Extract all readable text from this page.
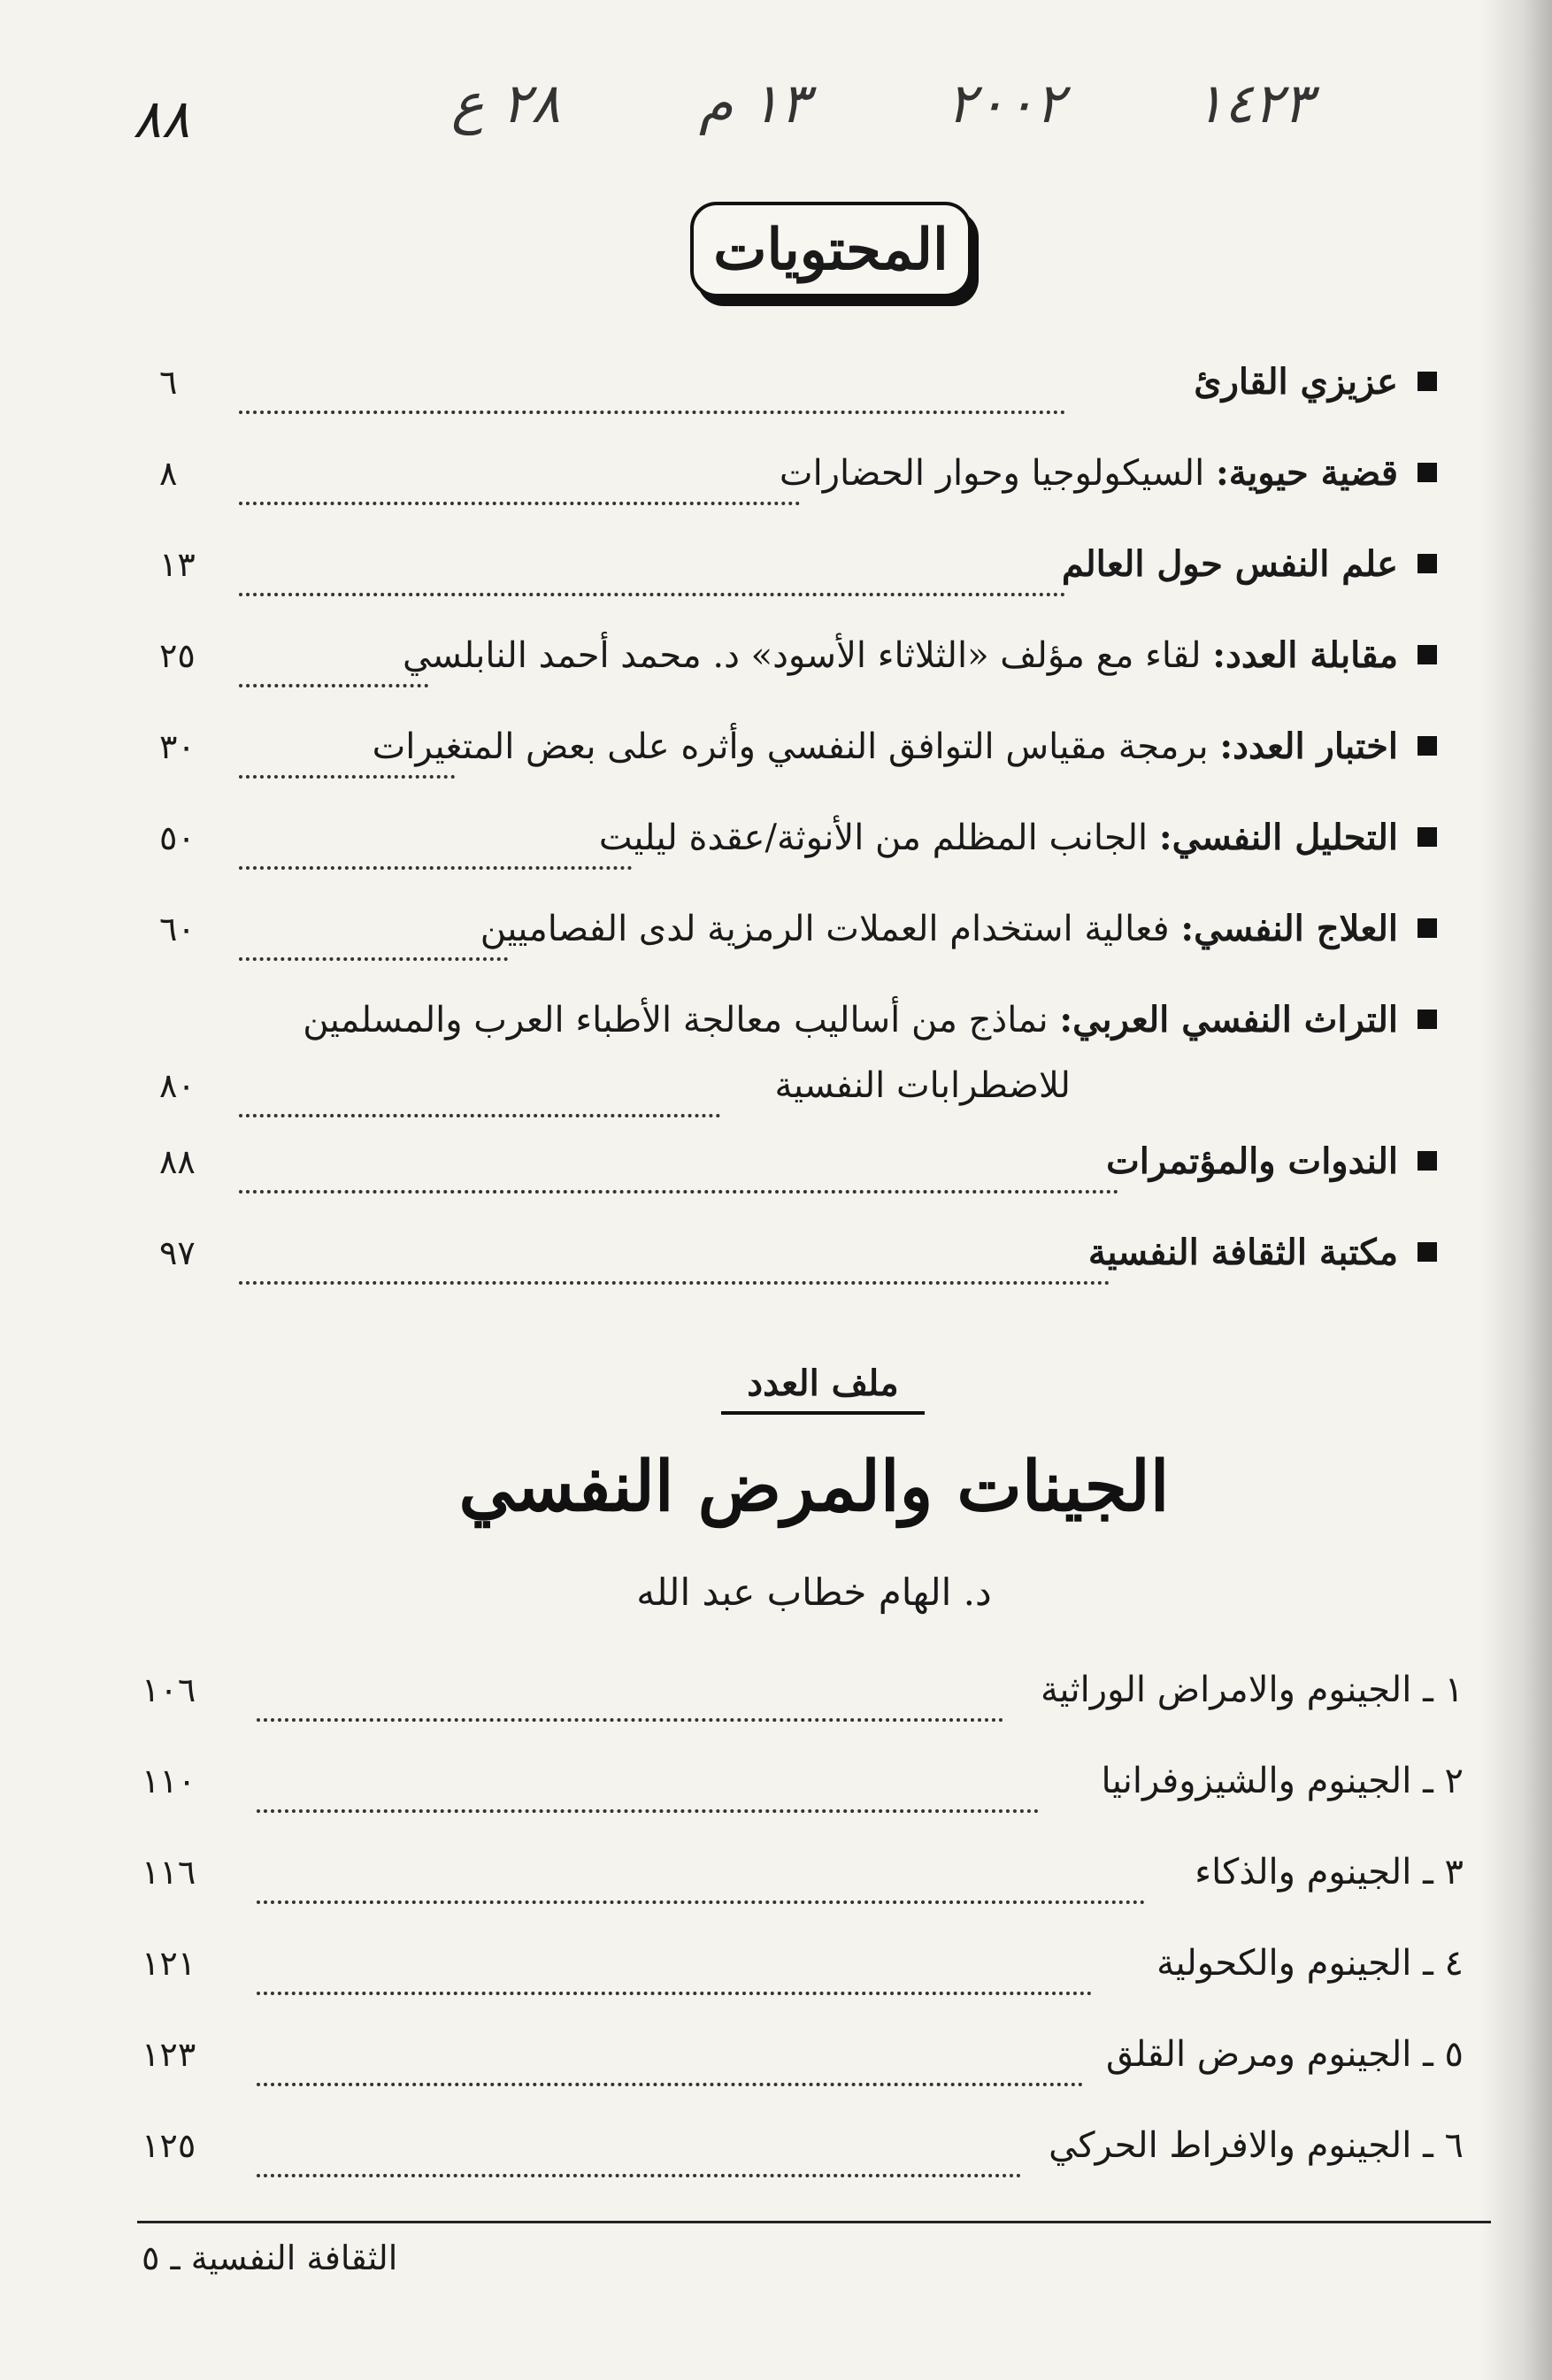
٨٨	٢٨ ع	١٣ م	٢٠٠٢ ١٤٢٣
المحتويات
عزيزي القارئ
٦
قضية حيوية: السيكولوجيا وحوار الحضارات
٨
علم النفس حول العالم
١٣
مقابلة العدد: لقاء مع مؤلف «الثلاثاء الأسود» د. محمد أحمد النابلسي
٢٥
اختبار العدد: برمجة مقياس التوافق النفسي وأثره على بعض المتغيرات
٣٠
التحليل النفسي: الجانب المظلم من الأنوثة/عقدة ليليت
٥٠
العلاج النفسي: فعالية استخدام العملات الرمزية لدى الفصاميين
٦٠
التراث النفسي العربي: نماذج من أساليب معالجة الأطباء العرب والمسلمين
للاضطرابات النفسية
٨٠
الندوات والمؤتمرات
٨٨
مكتبة الثقافة النفسية
٩٧
ملف العدد
الجينات والمرض النفسي
د. الهام خطاب عبد الله
١ ـ الجينوم والامراض الوراثية
١٠٦
٢ ـ الجينوم والشيزوفرانيا
١١٠
٣ ـ الجينوم والذكاء
١١٦
٤ ـ الجينوم والكحولية
١٢١
٥ ـ الجينوم ومرض القلق
١٢٣
٦ ـ الجينوم والافراط الحركي
١٢٥
الثقافة النفسية ـ ٥
